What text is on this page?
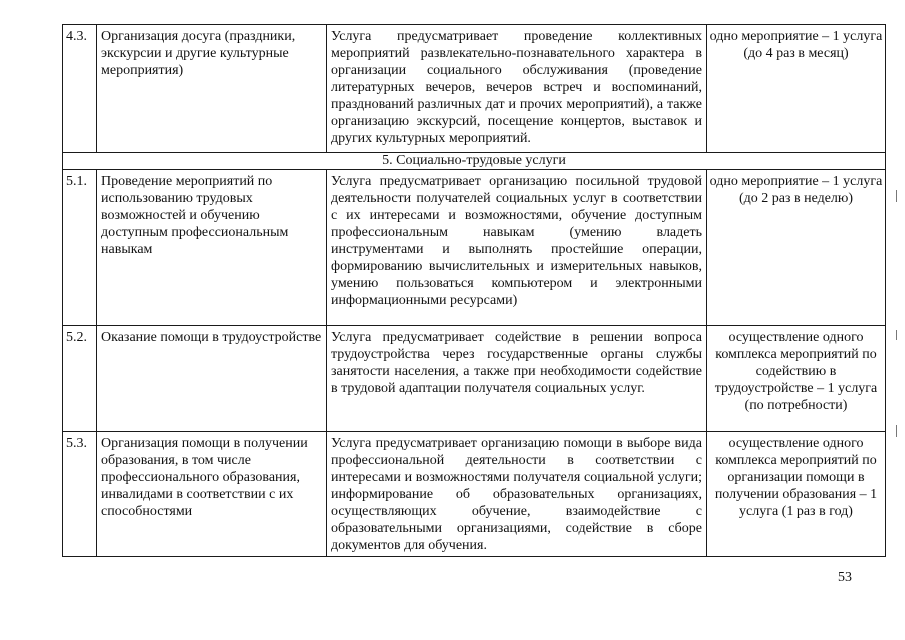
4.3.	Организация досуга (праздники, экскурсии и другие культурные мероприятия)	Услуга предусматривает проведение коллективных мероприятий развлекательно-познавательного характера в организации социального обслуживания (проведение литературных вечеров, вечеров встреч и воспоминаний, празднований различных дат и прочих мероприятий), а также организацию экскурсий, посещение концертов, выставок и других культурных мероприятий.	одно мероприятие – 1 услуга (до 4 раз в месяц)
5. Социально-трудовые услуги			
5.1.	Проведение мероприятий по использованию трудовых возможностей и обучению доступным профессиональным навыкам	Услуга предусматривает организацию посильной трудовой деятельности получателей социальных услуг в соответствии с их интересами и возможностями, обучение доступным профессиональным навыкам (умению владеть инструментами и выполнять простейшие операции, формированию вычислительных и измерительных навыков, умению пользоваться компьютером и электронными информационными ресурсами)	одно мероприятие – 1 услуга (до 2 раз в неделю)
5.2.	Оказание помощи в трудоустройстве	Услуга предусматривает содействие в решении вопроса трудоустройства через государственные органы службы занятости населения, а также при необходимости содействие в трудовой адаптации получателя социальных услуг.	осуществление одного комплекса мероприятий по содействию в трудоустройстве – 1 услуга (по потребности)
5.3.	Организация помощи в получении образования, в том числе профессионального образования, инвалидами в соответствии с их способностями	Услуга предусматривает организацию помощи в выборе вида профессиональной деятельности в соответствии с интересами и возможностями получателя социальной услуги; информирование об образовательных организациях, осуществляющих обучение, взаимодействие с образовательными организациями, содействие в сборе документов для обучения.	осуществление одного комплекса мероприятий по организации помощи в получении образования – 1 услуга (1 раз в год)
53
